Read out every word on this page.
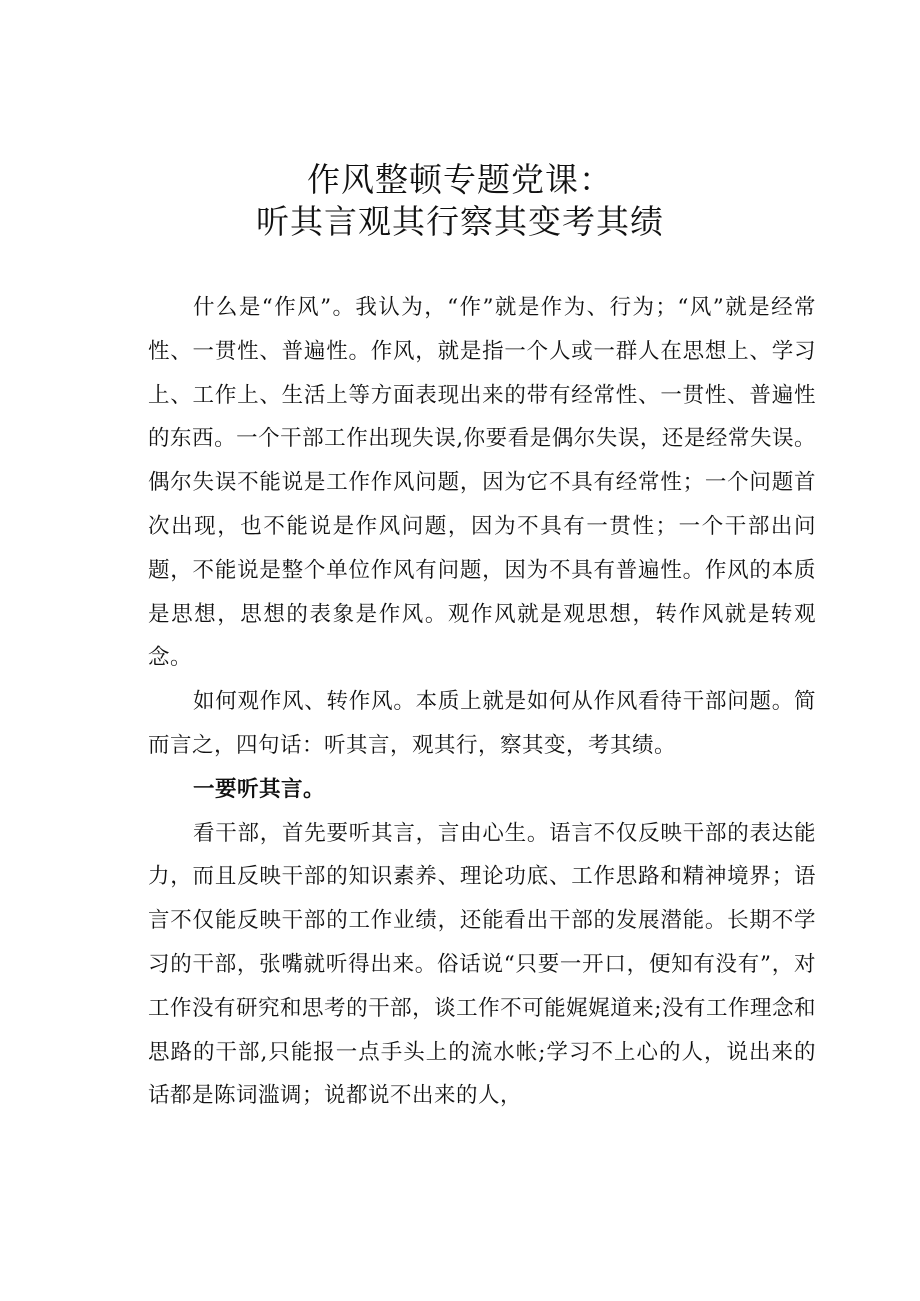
作风整顿专题党课：
听其言观其行察其变考其绩

什么是“作风”。我认为，“作”就是作为、行为；“风”就是经常性、一贯性、普遍性。作风，就是指一个人或一群人在思想上、学习上、工作上、生活上等方面表现出来的带有经常性、一贯性、普遍性的东西。一个干部工作出现失误,你要看是偶尔失误，还是经常失误。偶尔失误不能说是工作作风问题，因为它不具有经常性；一个问题首次出现，也不能说是作风问题，因为不具有一贯性；一个干部出问题，不能说是整个单位作风有问题，因为不具有普遍性。作风的本质是思想，思想的表象是作风。观作风就是观思想，转作风就是转观念。

如何观作风、转作风。本质上就是如何从作风看待干部问题。简而言之，四句话：听其言，观其行，察其变，考其绩。

一要听其言。

看干部，首先要听其言，言由心生。语言不仅反映干部的表达能力，而且反映干部的知识素养、理论功底、工作思路和精神境界；语言不仅能反映干部的工作业绩，还能看出干部的发展潜能。长期不学习的干部，张嘴就听得出来。俗话说“只要一开口，便知有没有”，对工作没有研究和思考的干部，谈工作不可能娓娓道来;没有工作理念和思路的干部,只能报一点手头上的流水帐;学习不上心的人，说出来的话都是陈词滥调；说都说不出来的人，
